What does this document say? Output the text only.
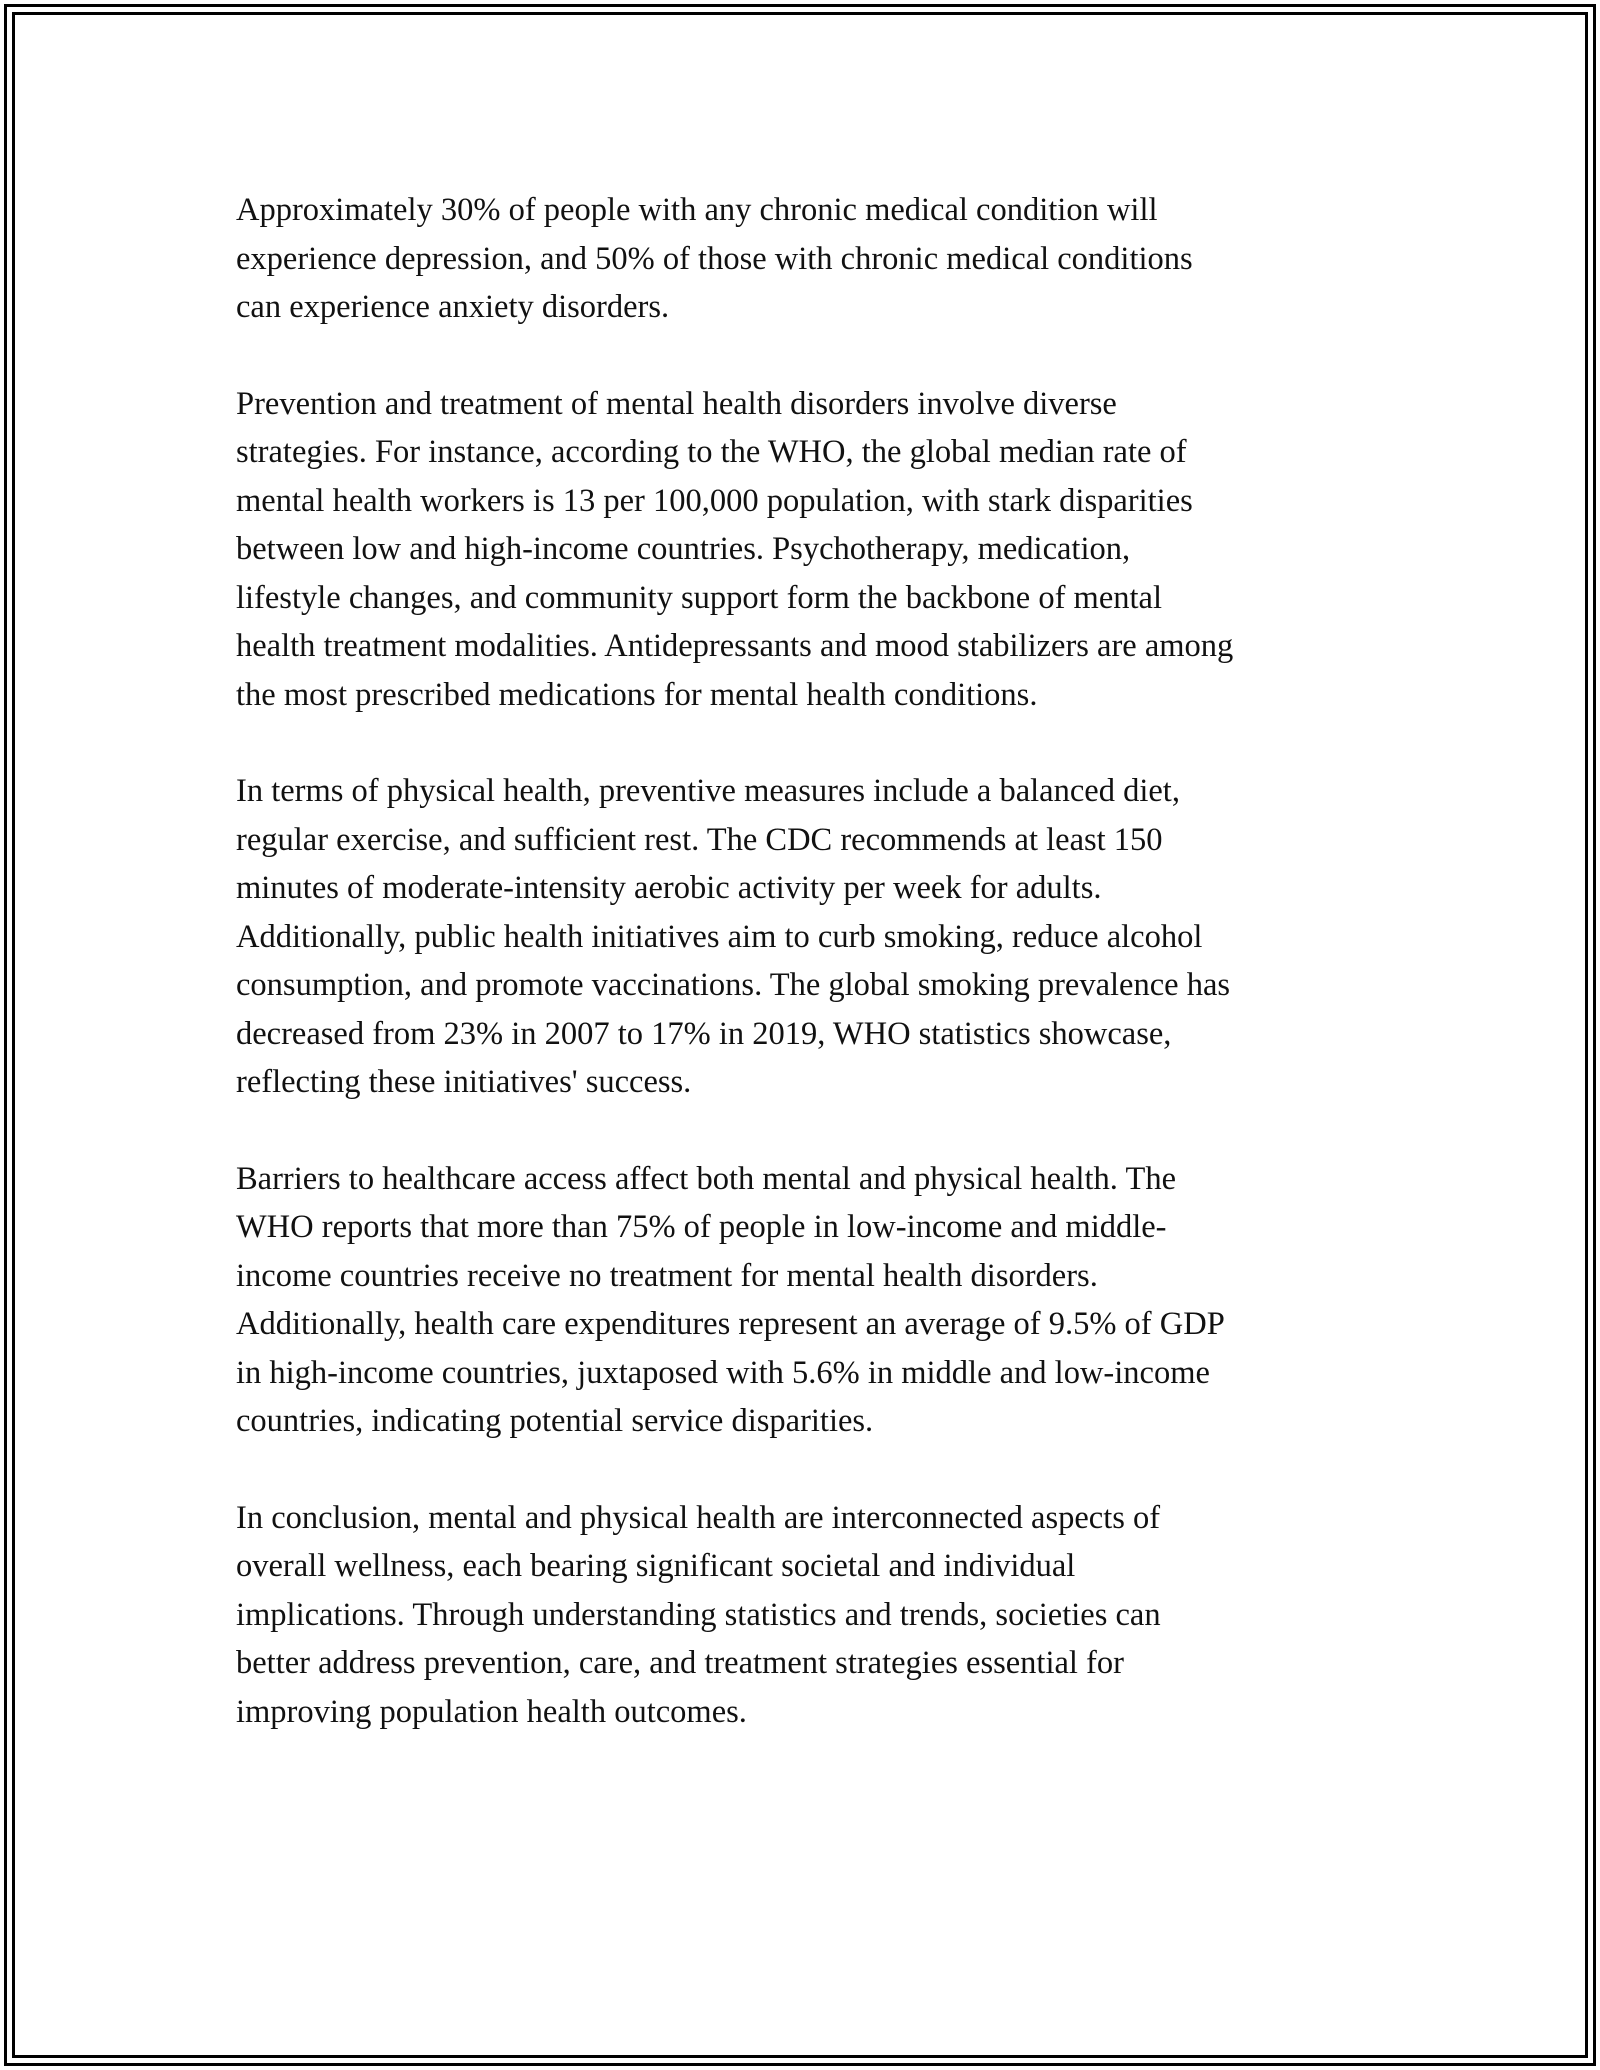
Approximately 30% of people with any chronic medical condition will
experience depression, and 50% of those with chronic medical conditions
can experience anxiety disorders.

Prevention and treatment of mental health disorders involve diverse
strategies. For instance, according to the WHO, the global median rate of
mental health workers is 13 per 100,000 population, with stark disparities
between low and high-income countries. Psychotherapy, medication,
lifestyle changes, and community support form the backbone of mental
health treatment modalities. Antidepressants and mood stabilizers are among
the most prescribed medications for mental health conditions.

In terms of physical health, preventive measures include a balanced diet,
regular exercise, and sufficient rest. The CDC recommends at least 150
minutes of moderate-intensity aerobic activity per week for adults.
Additionally, public health initiatives aim to curb smoking, reduce alcohol
consumption, and promote vaccinations. The global smoking prevalence has
decreased from 23% in 2007 to 17% in 2019, WHO statistics showcase,
reflecting these initiatives' success.

Barriers to healthcare access affect both mental and physical health. The
WHO reports that more than 75% of people in low-income and middle-
income countries receive no treatment for mental health disorders.
Additionally, health care expenditures represent an average of 9.5% of GDP
in high-income countries, juxtaposed with 5.6% in middle and low-income
countries, indicating potential service disparities.

In conclusion, mental and physical health are interconnected aspects of
overall wellness, each bearing significant societal and individual
implications. Through understanding statistics and trends, societies can
better address prevention, care, and treatment strategies essential for
improving population health outcomes.
